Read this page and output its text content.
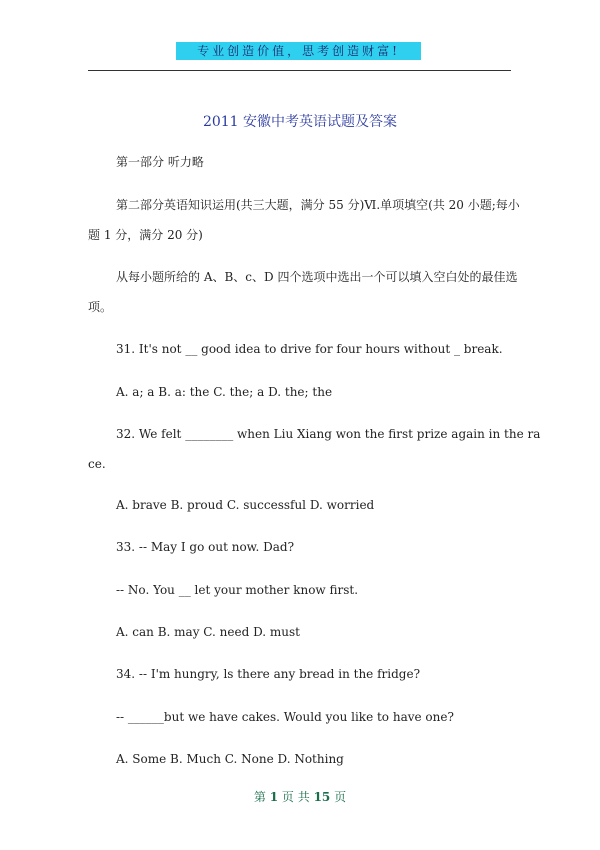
专业创造价值，思考创造财富!
2011 安徽中考英语试题及答案
第一部分 听力略
第二部分英语知识运用(共三大题，满分 55 分)Ⅵ.单项填空(共 20 小题;每小
题 1 分，满分 20 分)
从每小题所给的 A、B、c、D 四个选项中选出一个可以填入空白处的最佳选
项。
31. It's not __ good idea to drive for four hours without _ break.
A. a; a B. a: the C. the; a D. the; the
32. We felt ________ when Liu Xiang won the first prize again in the ra
ce.
A. brave B. proud C. successful D. worried
33. -- May I go out now. Dad?
-- No. You __ let your mother know first.
A. can B. may C. need D. must
34. -- I'm hungry, ls there any bread in the fridge?
-- ______but we have cakes. Would you like to have one?
A. Some B. Much C. None D. Nothing
第 1 页 共 15 页
